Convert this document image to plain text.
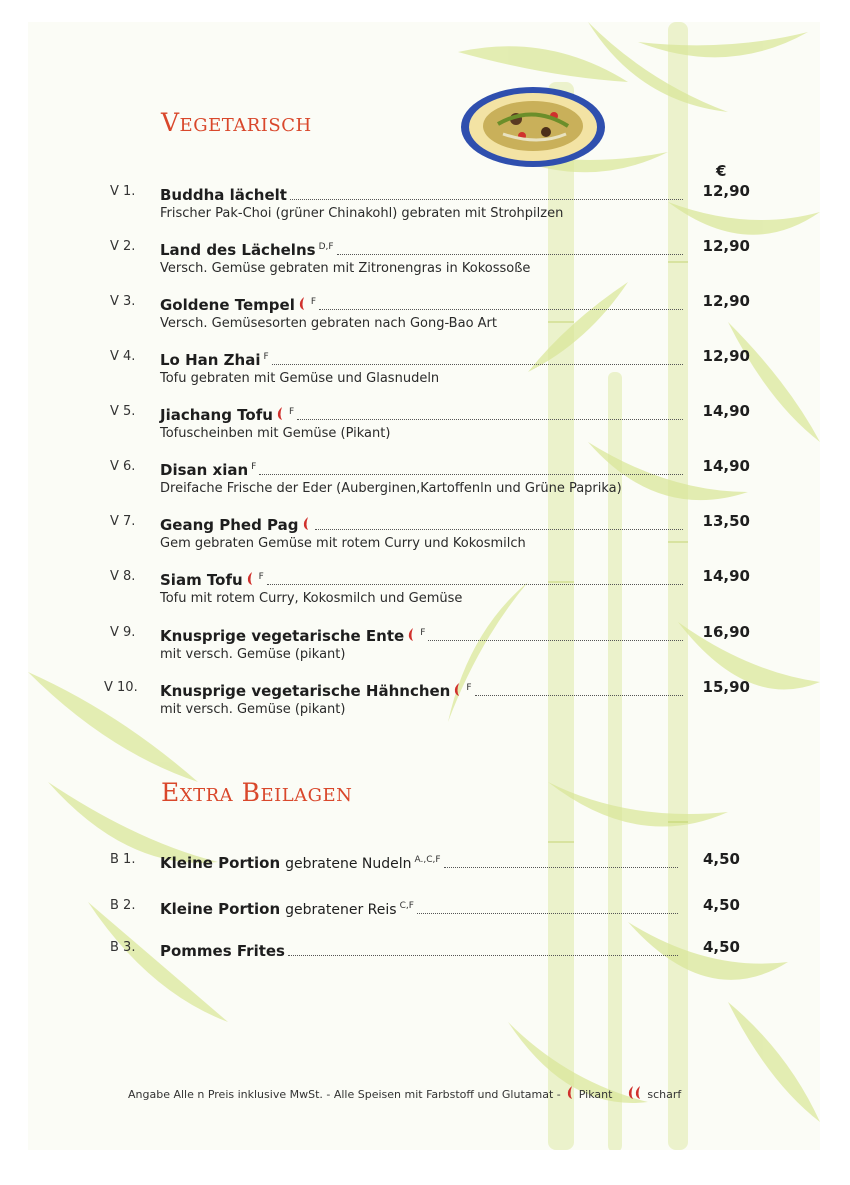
Vegetarisch
€
V 1. Buddha lächelt	12,90
Frischer Pak-Choi (grüner Chinakohl) gebraten mit Strohpilzen
V 2. Land des Lächelns D,F	12,90
Versch. Gemüse gebraten mit Zitronengras in Kokossoße
V 3. Goldene Tempel F	12,90
Versch. Gemüsesorten gebraten nach Gong-Bao Art
V 4. Lo Han Zhai F	12,90
Tofu gebraten mit Gemüse und Glasnudeln
V 5. Jiachang Tofu F	14,90
Tofuscheinben mit Gemüse (Pikant)
V 6. Disan xian F	14,90
Dreifache Frische der Eder (Auberginen,Kartoffenln und Grüne Paprika)
V 7. Geang Phed Pag	13,50
Gem gebraten Gemüse mit rotem Curry und Kokosmilch
V 8. Siam Tofu F	14,90
Tofu mit rotem Curry, Kokosmilch und Gemüse
V 9. Knusprige vegetarische Ente F	16,90
mit versch. Gemüse (pikant)
V 10. Knusprige vegetarische Hähnchen F	15,90
mit versch. Gemüse (pikant)
Extra Beilagen
B 1. Kleine Portion gebratene Nudeln A.,C,F	4,50
B 2. Kleine Portion gebratener Reis C,F	4,50
B 3. Pommes Frites	4,50
Angabe Alle n Preis inklusive MwSt. - Alle Speisen mit Farbstoff und Glutamat - Pikant	scharf
